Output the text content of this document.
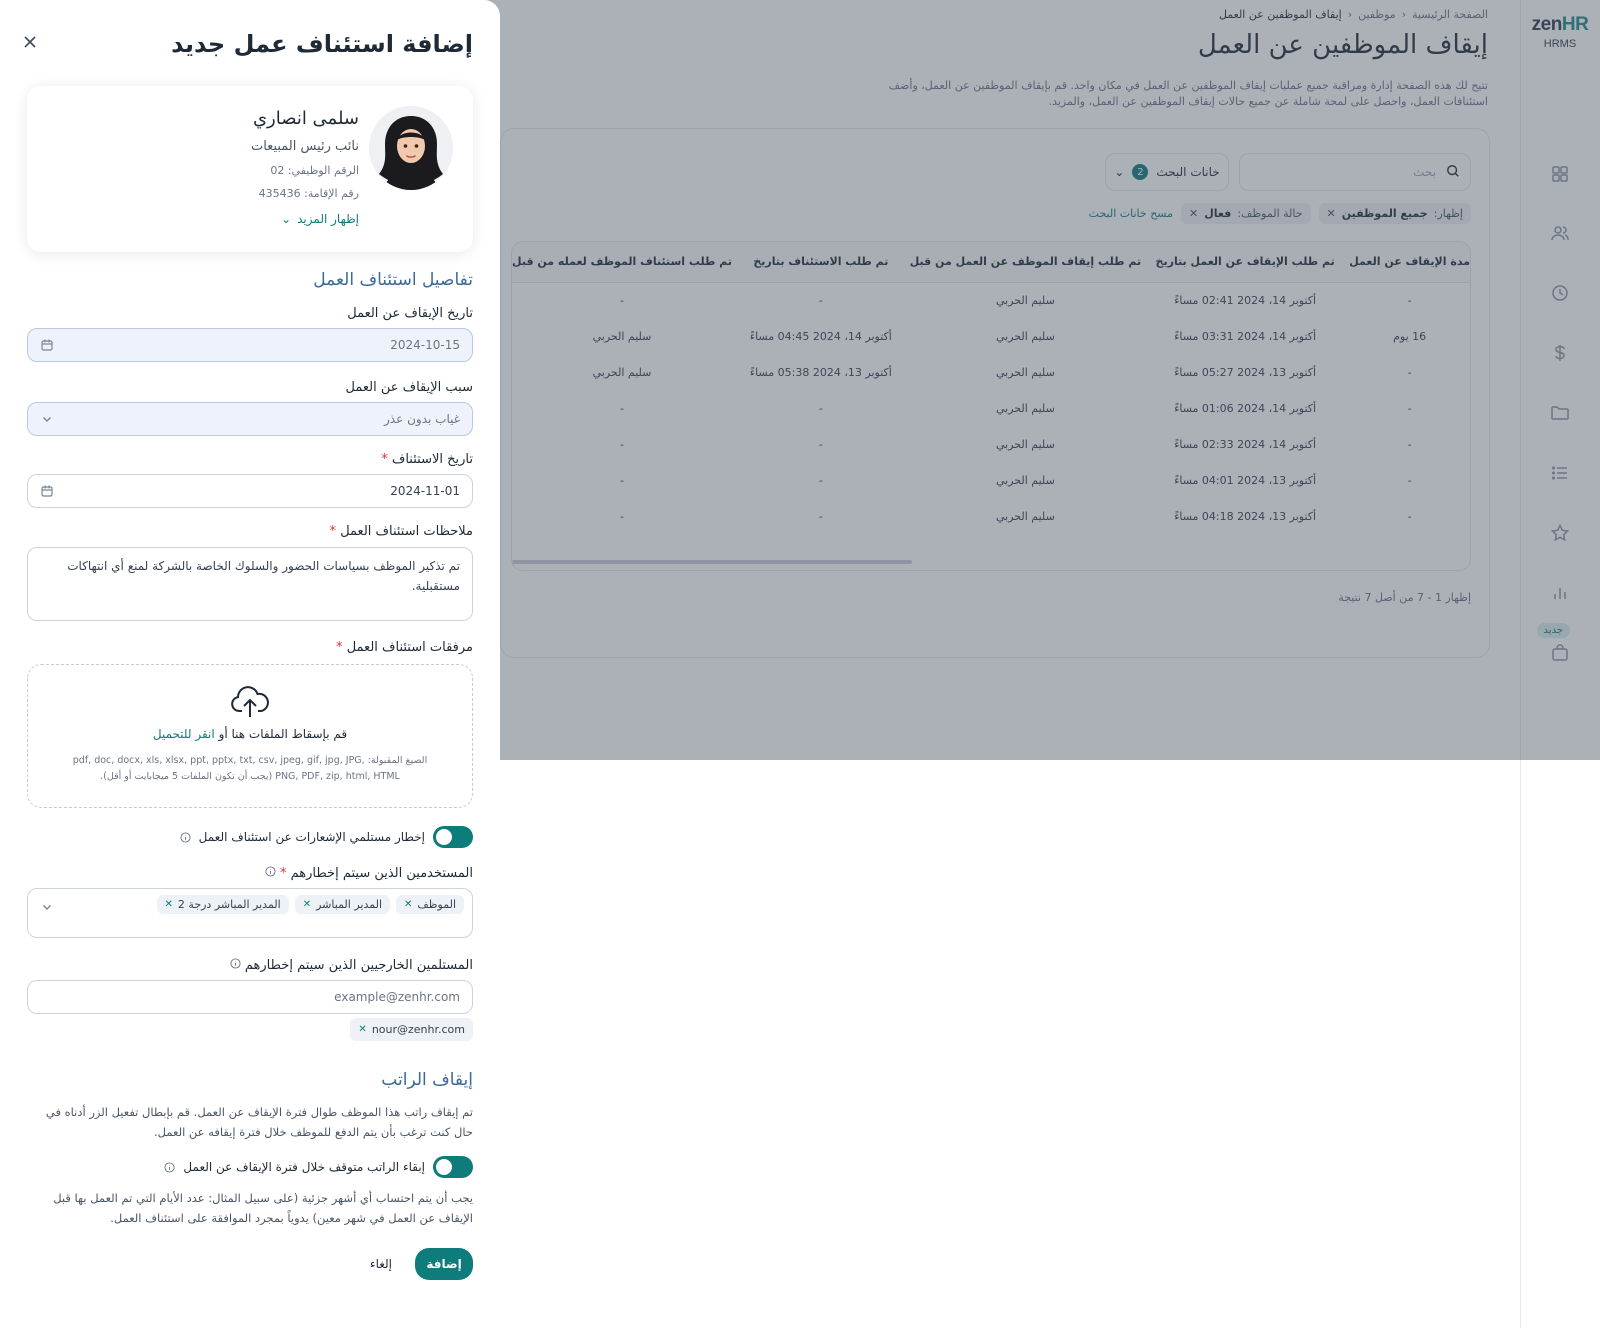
zenHR
HRMS
جديد
الصفحة الرئيسية
‹
موظفين
‹
إيقاف الموظفين عن العمل
إيقاف الموظفين عن العمل
تتيح لك هذه الصفحة إدارة ومراقبة جميع عمليات إيقاف الموظفين عن العمل في مكان واحد. قم بإيقاف الموظفين عن العمل، وأضف استئنافات العمل، واحصل على لمحة شاملة عن جميع حالات إيقاف الموظفين عن العمل، والمزيد.
بحث
خانات البحث
2
⌄
إظهار:
جميع الموظفين
✕
حالة الموظف:
فعال
✕
مسح خانات البحث
مدة الإيقاف عن العمل	تم طلب الإيقاف عن العمل بتاريخ	تم طلب إيقاف الموظف عن العمل من قبل	تم طلب الاستئناف بتاريخ	تم طلب استئناف الموظف لعمله من قبل
-	أكتوبر 14، 2024 02:41 مساءً	سليم الحربي	-	-
16 يوم	أكتوبر 14، 2024 03:31 مساءً	سليم الحربي	أكتوبر 14، 2024 04:45 مساءً	سليم الحربي
-	أكتوبر 13، 2024 05:27 مساءً	سليم الحربي	أكتوبر 13، 2024 05:38 مساءً	سليم الحربي
-	أكتوبر 14، 2024 01:06 مساءً	سليم الحربي	-	-
-	أكتوبر 14، 2024 02:33 مساءً	سليم الحربي	-	-
-	أكتوبر 13، 2024 04:01 مساءً	سليم الحربي	-	-
-	أكتوبر 13، 2024 04:18 مساءً	سليم الحربي	-	-
إظهار 1 - 7 من أصل 7 نتيجة
إضافة استئناف عمل جديد
سلمى انصاري
نائب رئيس المبيعات
الرقم الوظيفي: 02
رقم الإقامة: 435436
إظهار المزيد
⌄
تفاصيل استئناف العمل
تاريخ الإيقاف عن العمل
2024-10-15
سبب الإيقاف عن العمل
غياب بدون عذر
تاريخ الاستئناف *
2024-11-01
ملاحظات استئناف العمل *
تم تذكير الموظف بسياسات الحضور والسلوك الخاصة بالشركة لمنع أي انتهاكات مستقبلية.
مرفقات استئناف العمل *
قم بإسقاط الملفات هنا أو انقر للتحميل
الصيغ المقبولة: pdf, doc, docx, xls, xlsx, ppt, pptx, txt, csv, jpeg, gif, jpg, JPG, PNG, PDF, zip, html, HTML (يجب أن تكون الملفات 5 ميجابايت أو أقل).
إخطار مستلمي الإشعارات عن استئناف العمل
المستخدمين الذين سيتم إخطارهم *
الموظف
✕
المدير المباشر
✕
المدير المباشر درجة 2
✕
المستلمين الخارجيين الذين سيتم إخطارهم
example@zenhr.com
nour@zenhr.com
✕
إيقاف الراتب
تم إيقاف راتب هذا الموظف طوال فترة الإيقاف عن العمل. قم بإبطال تفعيل الزر أدناه في حال كنت ترغب بأن يتم الدفع للموظف خلال فترة إيقافه عن العمل.
إبقاء الراتب متوقف خلال فترة الإيقاف عن العمل
يجب أن يتم احتساب أي أشهر جزئية (على سبيل المثال: عدد الأيام التي تم العمل بها قبل الإيقاف عن العمل في شهر معين) يدوياً بمجرد الموافقة على استئناف العمل.
إضافة
إلغاء
